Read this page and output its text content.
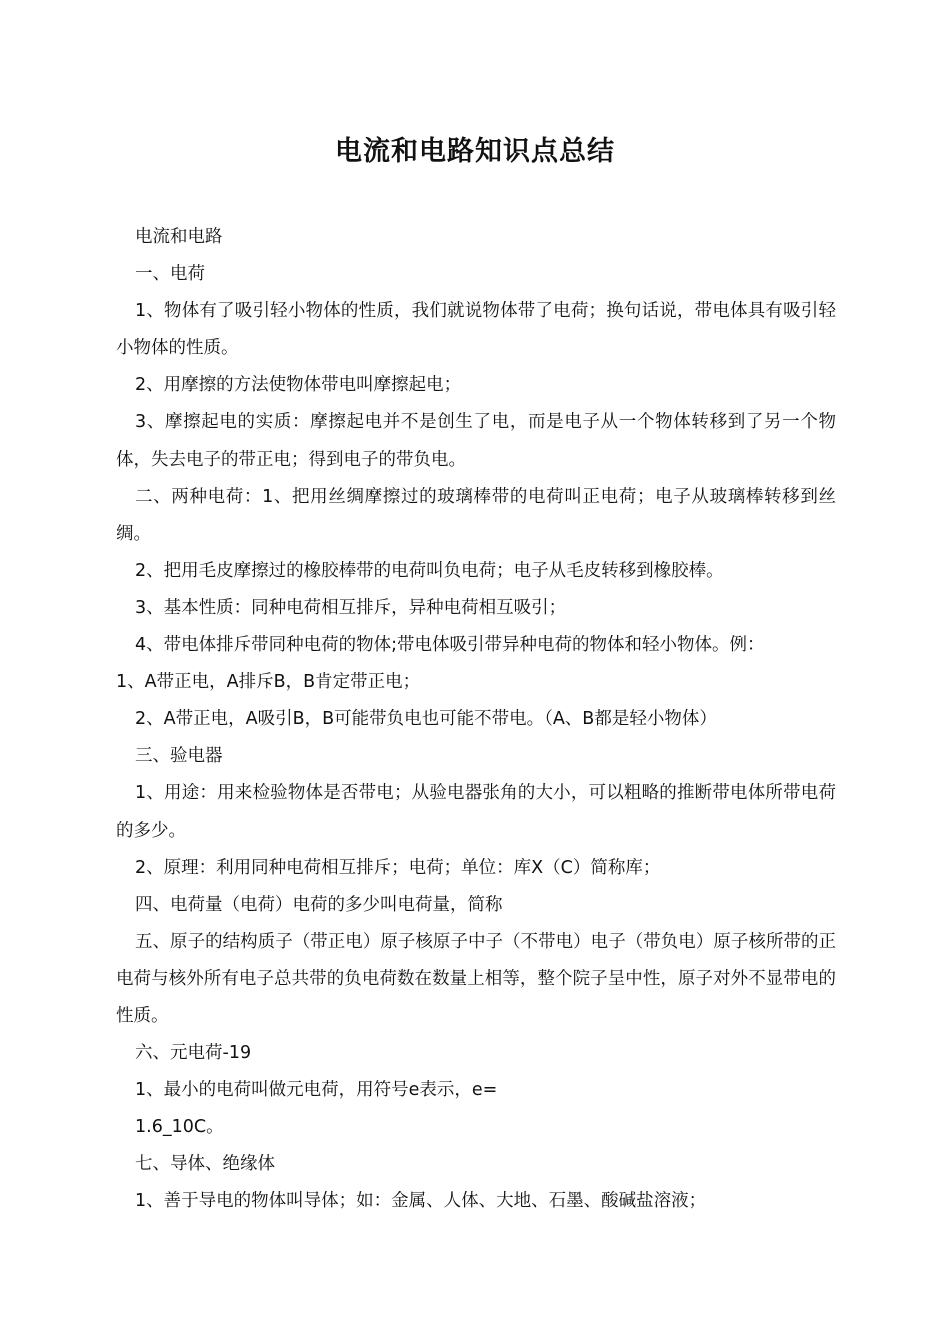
电流和电路知识点总结

电流和电路

一、电荷

1、物体有了吸引轻小物体的性质，我们就说物体带了电荷；换句话说，带电体具有吸引轻小物体的性质。

2、用摩擦的方法使物体带电叫摩擦起电；

3、摩擦起电的实质：摩擦起电并不是创生了电，而是电子从一个物体转移到了另一个物体，失去电子的带正电；得到电子的带负电。

二、两种电荷：1、把用丝绸摩擦过的玻璃棒带的电荷叫正电荷；电子从玻璃棒转移到丝绸。

2、把用毛皮摩擦过的橡胶棒带的电荷叫负电荷；电子从毛皮转移到橡胶棒。

3、基本性质：同种电荷相互排斥，异种电荷相互吸引；

4、带电体排斥带同种电荷的物体;带电体吸引带异种电荷的物体和轻小物体。例：

1、A带正电，A排斥B，B肯定带正电；

2、A带正电，A吸引B，B可能带负电也可能不带电。（A、B都是轻小物体）

三、验电器

1、用途：用来检验物体是否带电；从验电器张角的大小，可以粗略的推断带电体所带电荷的多少。

2、原理：利用同种电荷相互排斥；电荷；单位：库X（C）简称库；

四、电荷量（电荷）电荷的多少叫电荷量，简称

五、原子的结构质子（带正电）原子核原子中子（不带电）电子（带负电）原子核所带的正电荷与核外所有电子总共带的负电荷数在数量上相等，整个院子呈中性，原子对外不显带电的性质。

六、元电荷-19

1、最小的电荷叫做元电荷，用符号e表示，e=

1.6_10C。

七、导体、绝缘体

1、善于导电的物体叫导体；如：金属、人体、大地、石墨、酸碱盐溶液；
